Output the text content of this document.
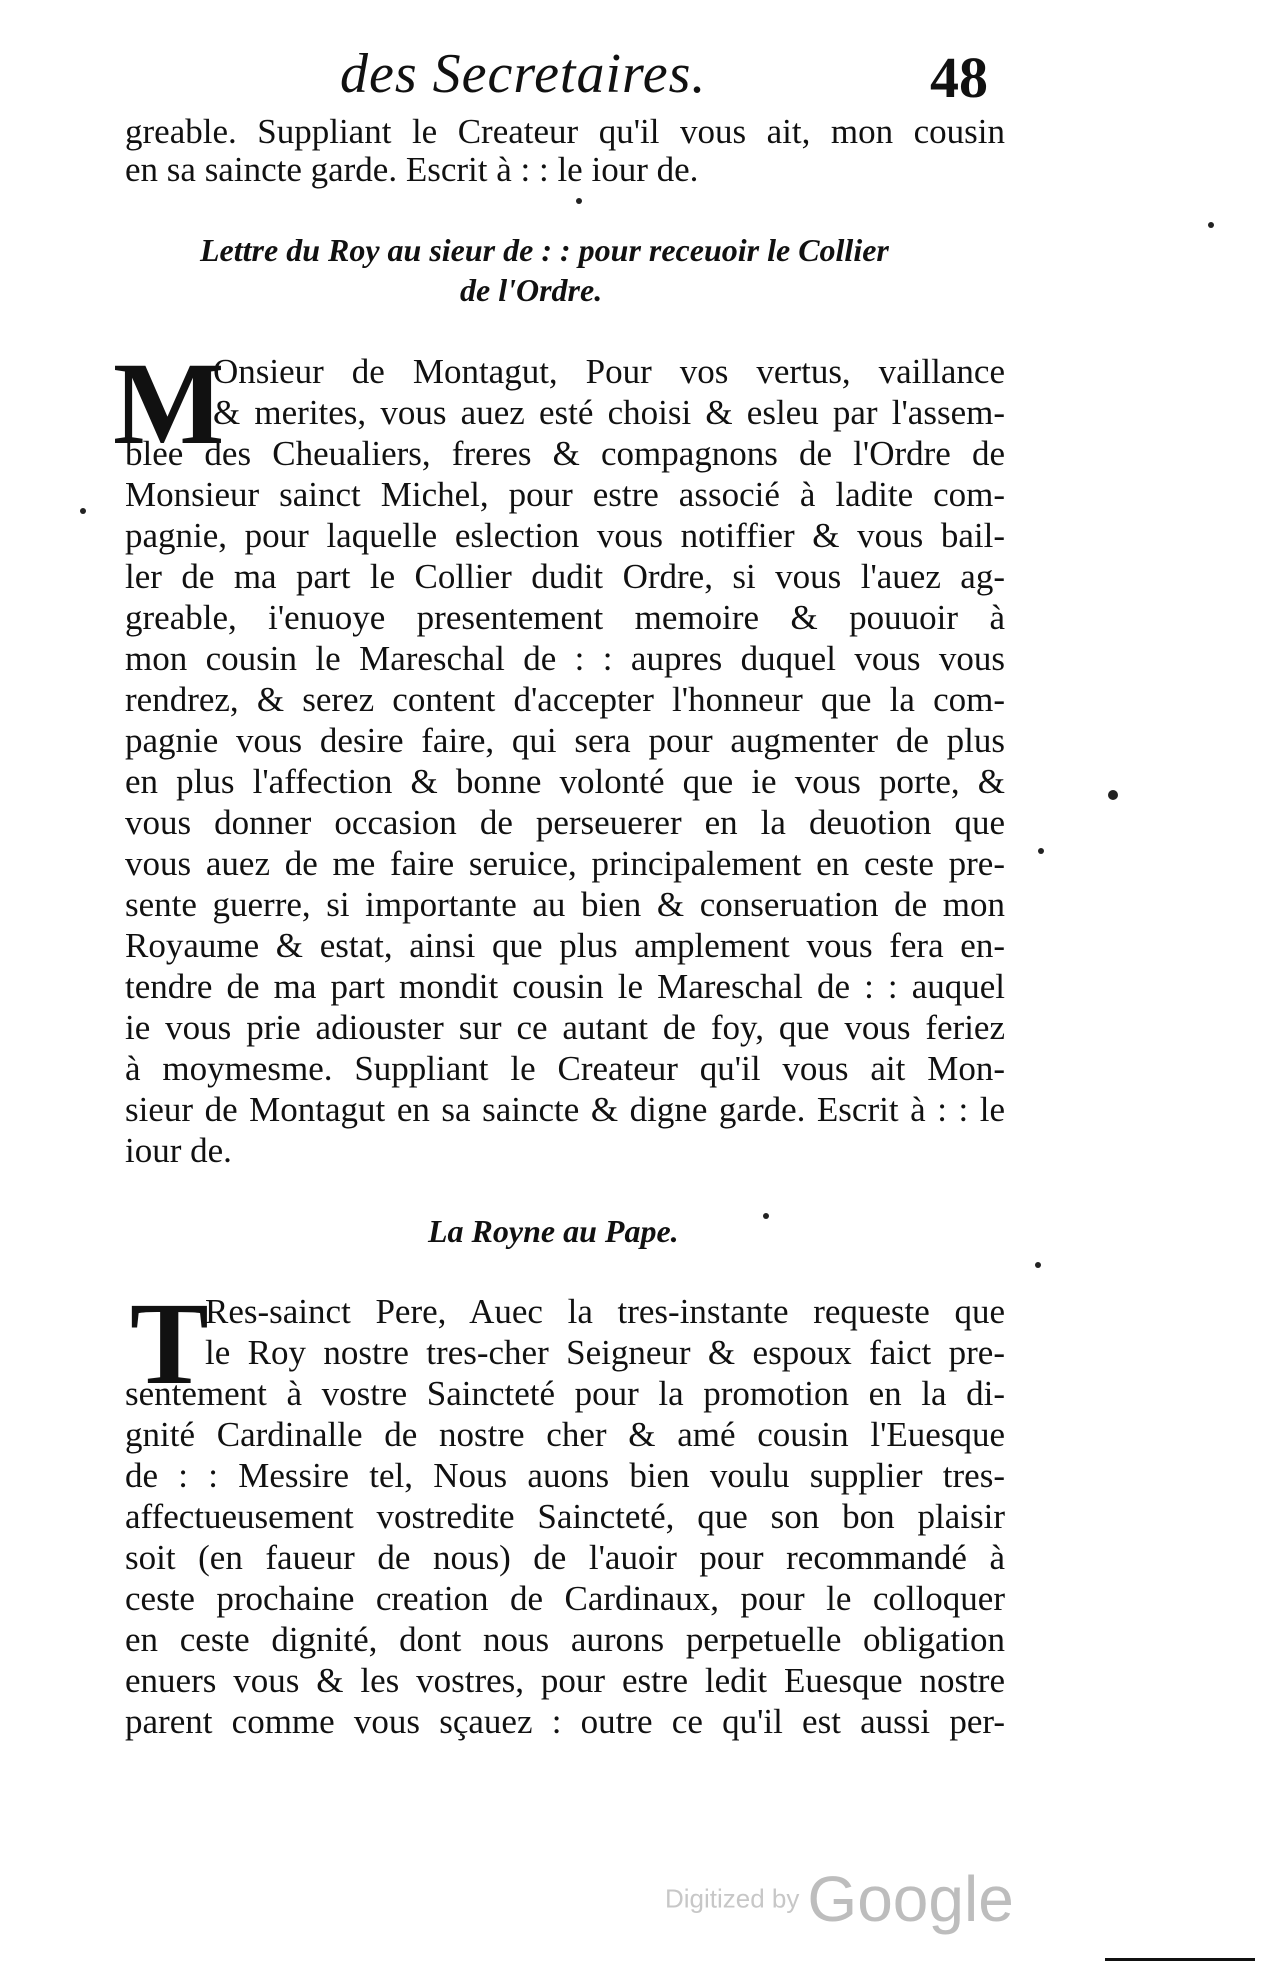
des Secretaires.	48
greable. Suppliant le Createur qu'il vous ait, mon cousin
en sa saincte garde. Escrit à : : le iour de.
Lettre du Roy au sieur de : : pour receuoir le Collier
de l'Ordre.
M
Onsieur de Montagut, Pour vos vertus, vaillance
& merites, vous auez esté choisi & esleu par l'assem-
blee des Cheualiers, freres & compagnons de l'Ordre de
Monsieur sainct Michel, pour estre associé à ladite com-
pagnie, pour laquelle eslection vous notiffier & vous bail-
ler de ma part le Collier dudit Ordre, si vous l'auez ag-
greable, i'enuoye presentement memoire & pouuoir à
mon cousin le Mareschal de : : aupres duquel vous vous
rendrez, & serez content d'accepter l'honneur que la com-
pagnie vous desire faire, qui sera pour augmenter de plus
en plus l'affection & bonne volonté que ie vous porte, &
vous donner occasion de perseuerer en la deuotion que
vous auez de me faire seruice, principalement en ceste pre-
sente guerre, si importante au bien & conseruation de mon
Royaume & estat, ainsi que plus amplement vous fera en-
tendre de ma part mondit cousin le Mareschal de : : auquel
ie vous prie adiouster sur ce autant de foy, que vous feriez
à moymesme. Suppliant le Createur qu'il vous ait Mon-
sieur de Montagut en sa saincte & digne garde. Escrit à : : le
iour de.
La Royne au Pape.
T
Res-sainct Pere, Auec la tres-instante requeste que
le Roy nostre tres-cher Seigneur & espoux faict pre-
sentement à vostre Saincteté pour la promotion en la di-
gnité Cardinalle de nostre cher & amé cousin l'Euesque
de : : Messire tel, Nous auons bien voulu supplier tres-
affectueusement vostredite Saincteté, que son bon plaisir
soit (en faueur de nous) de l'auoir pour recommandé à
ceste prochaine creation de Cardinaux, pour le colloquer
en ceste dignité, dont nous aurons perpetuelle obligation
enuers vous & les vostres, pour estre ledit Euesque nostre
parent comme vous sçauez : outre ce qu'il est aussi per-
Digitized by Google
